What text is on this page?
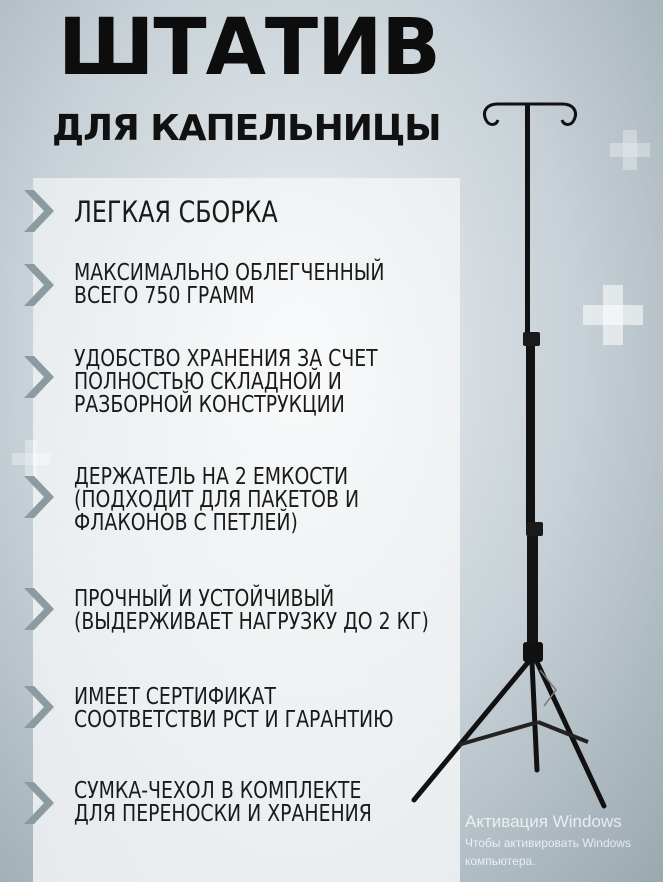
ШТАТИВ
ДЛЯ КАПЕЛЬНИЦЫ
ЛЕГКАЯ СБОРКА
МАКСИМАЛЬНО ОБЛЕГЧЕННЫЙ
ВСЕГО 750 ГРАММ
УДОБСТВО ХРАНЕНИЯ ЗА СЧЕТ
ПОЛНОСТЬЮ СКЛАДНОЙ И
РАЗБОРНОЙ КОНСТРУКЦИИ
ДЕРЖАТЕЛЬ НА 2 ЕМКОСТИ
(ПОДХОДИТ ДЛЯ ПАКЕТОВ И
ФЛАКОНОВ С ПЕТЛЕЙ)
ПРОЧНЫЙ И УСТОЙЧИВЫЙ
(ВЫДЕРЖИВАЕТ НАГРУЗКУ ДО 2 КГ)
ИМЕЕТ СЕРТИФИКАТ
СООТВЕТСТВИ РСТ И ГАРАНТИЮ
СУМКА-ЧЕХОЛ В КОМПЛЕКТЕ
ДЛЯ ПЕРЕНОСКИ И ХРАНЕНИЯ	Активация Windows
Чтобы активировать Windows
компьютера.
